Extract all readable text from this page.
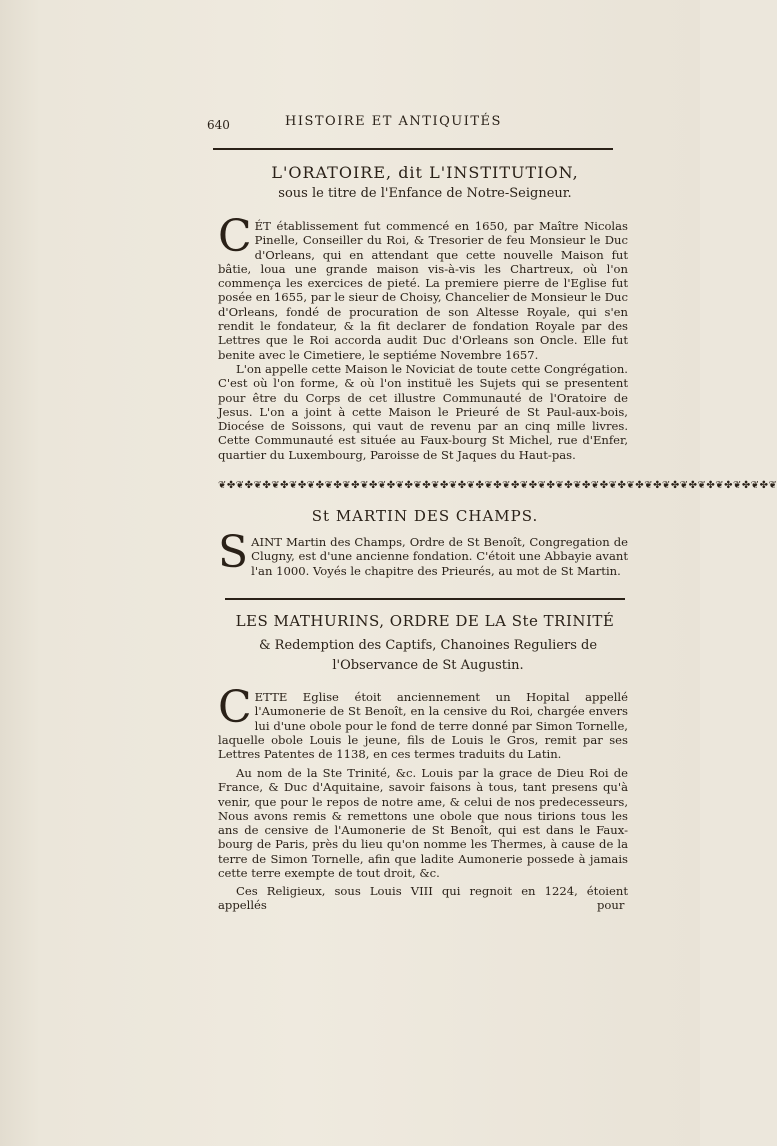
640	HISTOIRE ET ANTIQUITÉS
L'ORATOIRE, dit L'INSTITUTION,
sous le titre de l'Enfance de Notre-Seigneur.
CÉT établissement fut commencé en 1650, par Maître Nicolas Pinelle, Conseiller du Roi, & Tresorier de feu Monsieur le Duc d'Orleans, qui en attendant que cette nouvelle Maison fut bâtie, loua une grande maison vis-à-vis les Chartreux, où l'on commença les exercices de pieté. La premiere pierre de l'Eglise fut posée en 1655, par le sieur de Choisy, Chancelier de Monsieur le Duc d'Orleans, fondé de procuration de son Altesse Royale, qui s'en rendit le fondateur, & la fit declarer de fondation Royale par des Lettres que le Roi accorda audit Duc d'Orleans son Oncle. Elle fut benite avec le Cimetiere, le septiéme Novembre 1657.
L'on appelle cette Maison le Noviciat de toute cette Congrégation. C'est où l'on forme, & où l'on instituë les Sujets qui se presentent pour être du Corps de cet illustre Communauté de l'Oratoire de Jesus. L'on a joint à cette Maison le Prieuré de St Paul-aux-bois, Diocése de Soissons, qui vaut de revenu par an cinq mille livres. Cette Communauté est située au Faux-bourg St Michel, rue d'Enfer, quartier du Luxembourg, Paroisse de St Jaques du Haut-pas.
❦✤❦✤❦✤❦✤❦✤❦✤❦✤❦✤❦✤❦✤❦✤❦✤❦✤❦✤❦✤❦✤❦✤❦✤❦✤❦✤❦✤❦✤❦✤❦✤❦✤❦✤❦✤❦✤❦✤❦✤❦✤❦
St MARTIN DES CHAMPS.
SAINT Martin des Champs, Ordre de St Benoît, Congregation de Clugny, est d'une ancienne fondation. C'étoit une Abbayie avant l'an 1000. Voyés le chapitre des Prieurés, au mot de St Martin.
LES MATHURINS, ORDRE DE LA Ste TRINITÉ
& Redemption des Captifs, Chanoines Reguliers de l'Observance de St Augustin.
CETTE Eglise étoit anciennement un Hopital appellé l'Aumonerie de St Benoît, en la censive du Roi, chargée envers lui d'une obole pour le fond de terre donné par Simon Tornelle, laquelle obole Louis le jeune, fils de Louis le Gros, remit par ses Lettres Patentes de 1138, en ces termes traduits du Latin.
Au nom de la Ste Trinité, &c. Louis par la grace de Dieu Roi de France, & Duc d'Aquitaine, savoir faisons à tous, tant presens qu'à venir, que pour le repos de notre ame, & celui de nos predecesseurs, Nous avons remis & remettons une obole que nous tirions tous les ans de censive de l'Aumonerie de St Benoît, qui est dans le Faux-bourg de Paris, près du lieu qu'on nomme les Thermes, à cause de la terre de Simon Tornelle, afin que ladite Aumonerie possede à jamais cette terre exempte de tout droit, &c.
Ces Religieux, sous Louis VIII qui regnoit en 1224, étoient appellés	pour
